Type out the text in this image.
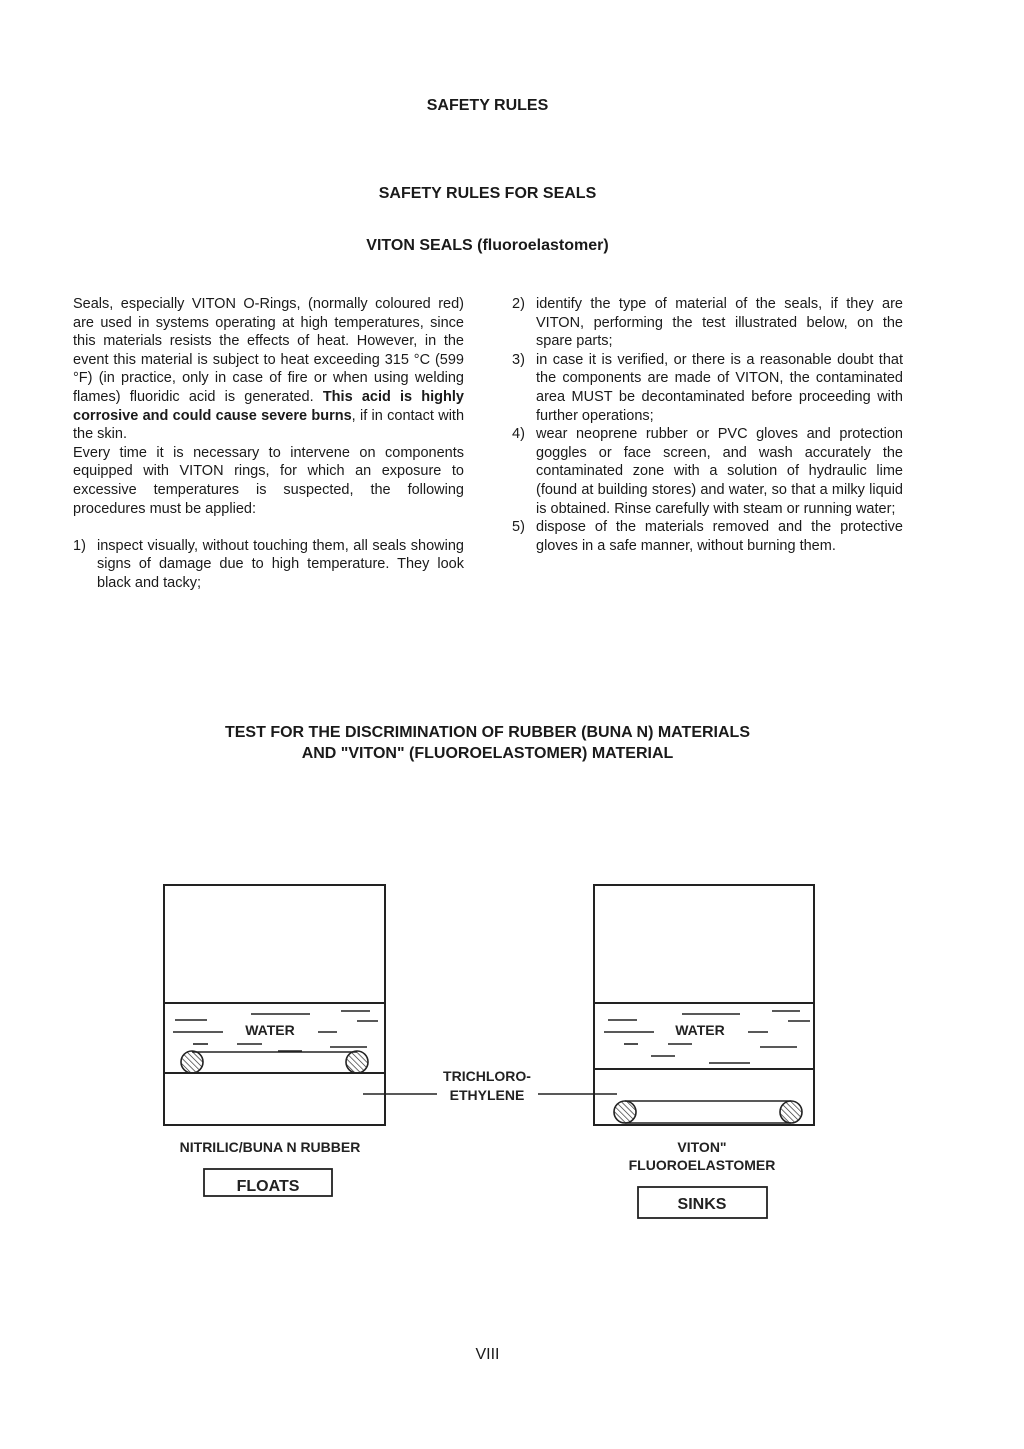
SAFETY RULES
SAFETY RULES FOR SEALS
VITON SEALS (fluoroelastomer)

Seals, especially VITON O-Rings, (normally coloured red) are used in systems operating at high temperatures, since this materials resists the effects of heat. However, in the event this material is subject to heat exceeding 315 °C (599 °F) (in practice, only in case of fire or when using welding flames) fluoridic acid is generated. This acid is highly corrosive and could cause severe burns, if in contact with the skin.

Every time it is necessary to intervene on components equipped with VITON rings, for which an exposure to excessive temperatures is suspected, the following procedures must be applied:

1) inspect visually, without touching them, all seals showing signs of damage due to high temperature. They look black and tacky;
2) identify the type of material of the seals, if they are VITON, performing the test illustrated below, on the spare parts;
3) in case it is verified, or there is a reasonable doubt that the components are made of VITON, the contaminated area MUST be decontaminated before proceeding with further operations;
4) wear neoprene rubber or PVC gloves and protection goggles or face screen, and wash accurately the contaminated zone with a solution of hydraulic lime (found at building stores) and water, so that a milky liquid is obtained. Rinse carefully with steam or running water;
5) dispose of the materials removed and the protective gloves in a safe manner, without burning them.
TEST FOR THE DISCRIMINATION OF RUBBER (BUNA N) MATERIALS
AND "VITON" (FLUOROELASTOMER) MATERIAL
WATER	WATER
TRICHLORO-
ETHYLENE
NITRILIC/BUNA N RUBBER
FLOATS
VITON"
FLUOROELASTOMER
SINKS

VIII
